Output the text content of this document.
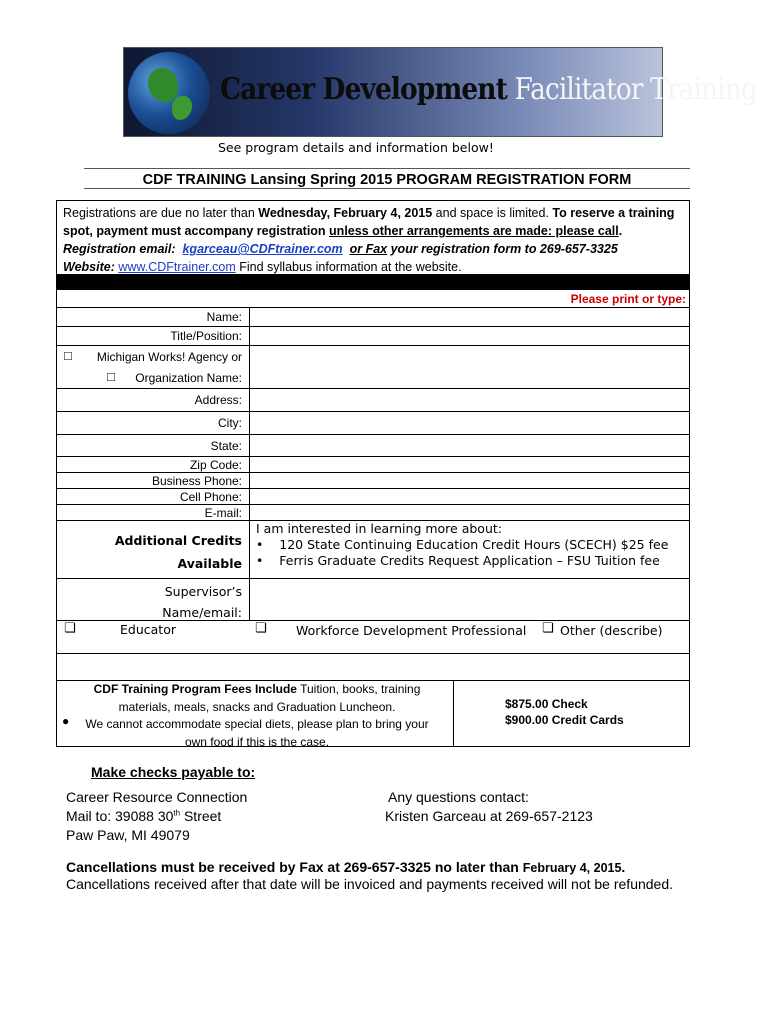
Career Development Facilitator Training
See program details and information below!
CDF TRAINING Lansing Spring 2015 PROGRAM REGISTRATION FORM
Registrations are due no later than Wednesday, February 4, 2015 and space is limited. To reserve a training
spot, payment must accompany registration unless other arrangements are made: please call.
Registration email: kgarceau@CDFtrainer.com or Fax your registration form to 269-657-3325
Website: www.CDFtrainer.com Find syllabus information at the website.
Please print or type:
Name:
Title/Position:
□ Michigan Works! Agency or
□ Organization Name:
Address:
City:
State:
Zip Code:
Business Phone:
Cell Phone:
E-mail:
Additional Credits
Available
I am interested in learning more about:
•    120 State Continuing Education Credit Hours (SCECH) $25 fee
•    Ferris Graduate Credits Request Application – FSU Tuition fee
Supervisor’s
Name/email:
❏	Educator	❏ Workforce Development Professional ❏ Other (describe)
CDF Training Program Fees Include Tuition, books, training
materials, meals, snacks and Graduation Luncheon.
We cannot accommodate special diets, please plan to bring your
own food if this is the case.
●
$875.00 Check
$900.00 Credit Cards
Make checks payable to:
Career Resource Connection
Mail to: 39088 30th Street
Paw Paw, MI 49079
Any questions contact:
Kristen Garceau at 269-657-2123
Cancellations must be received by Fax at 269-657-3325 no later than February 4, 2015.
Cancellations received after that date will be invoiced and payments received will not be refunded.
